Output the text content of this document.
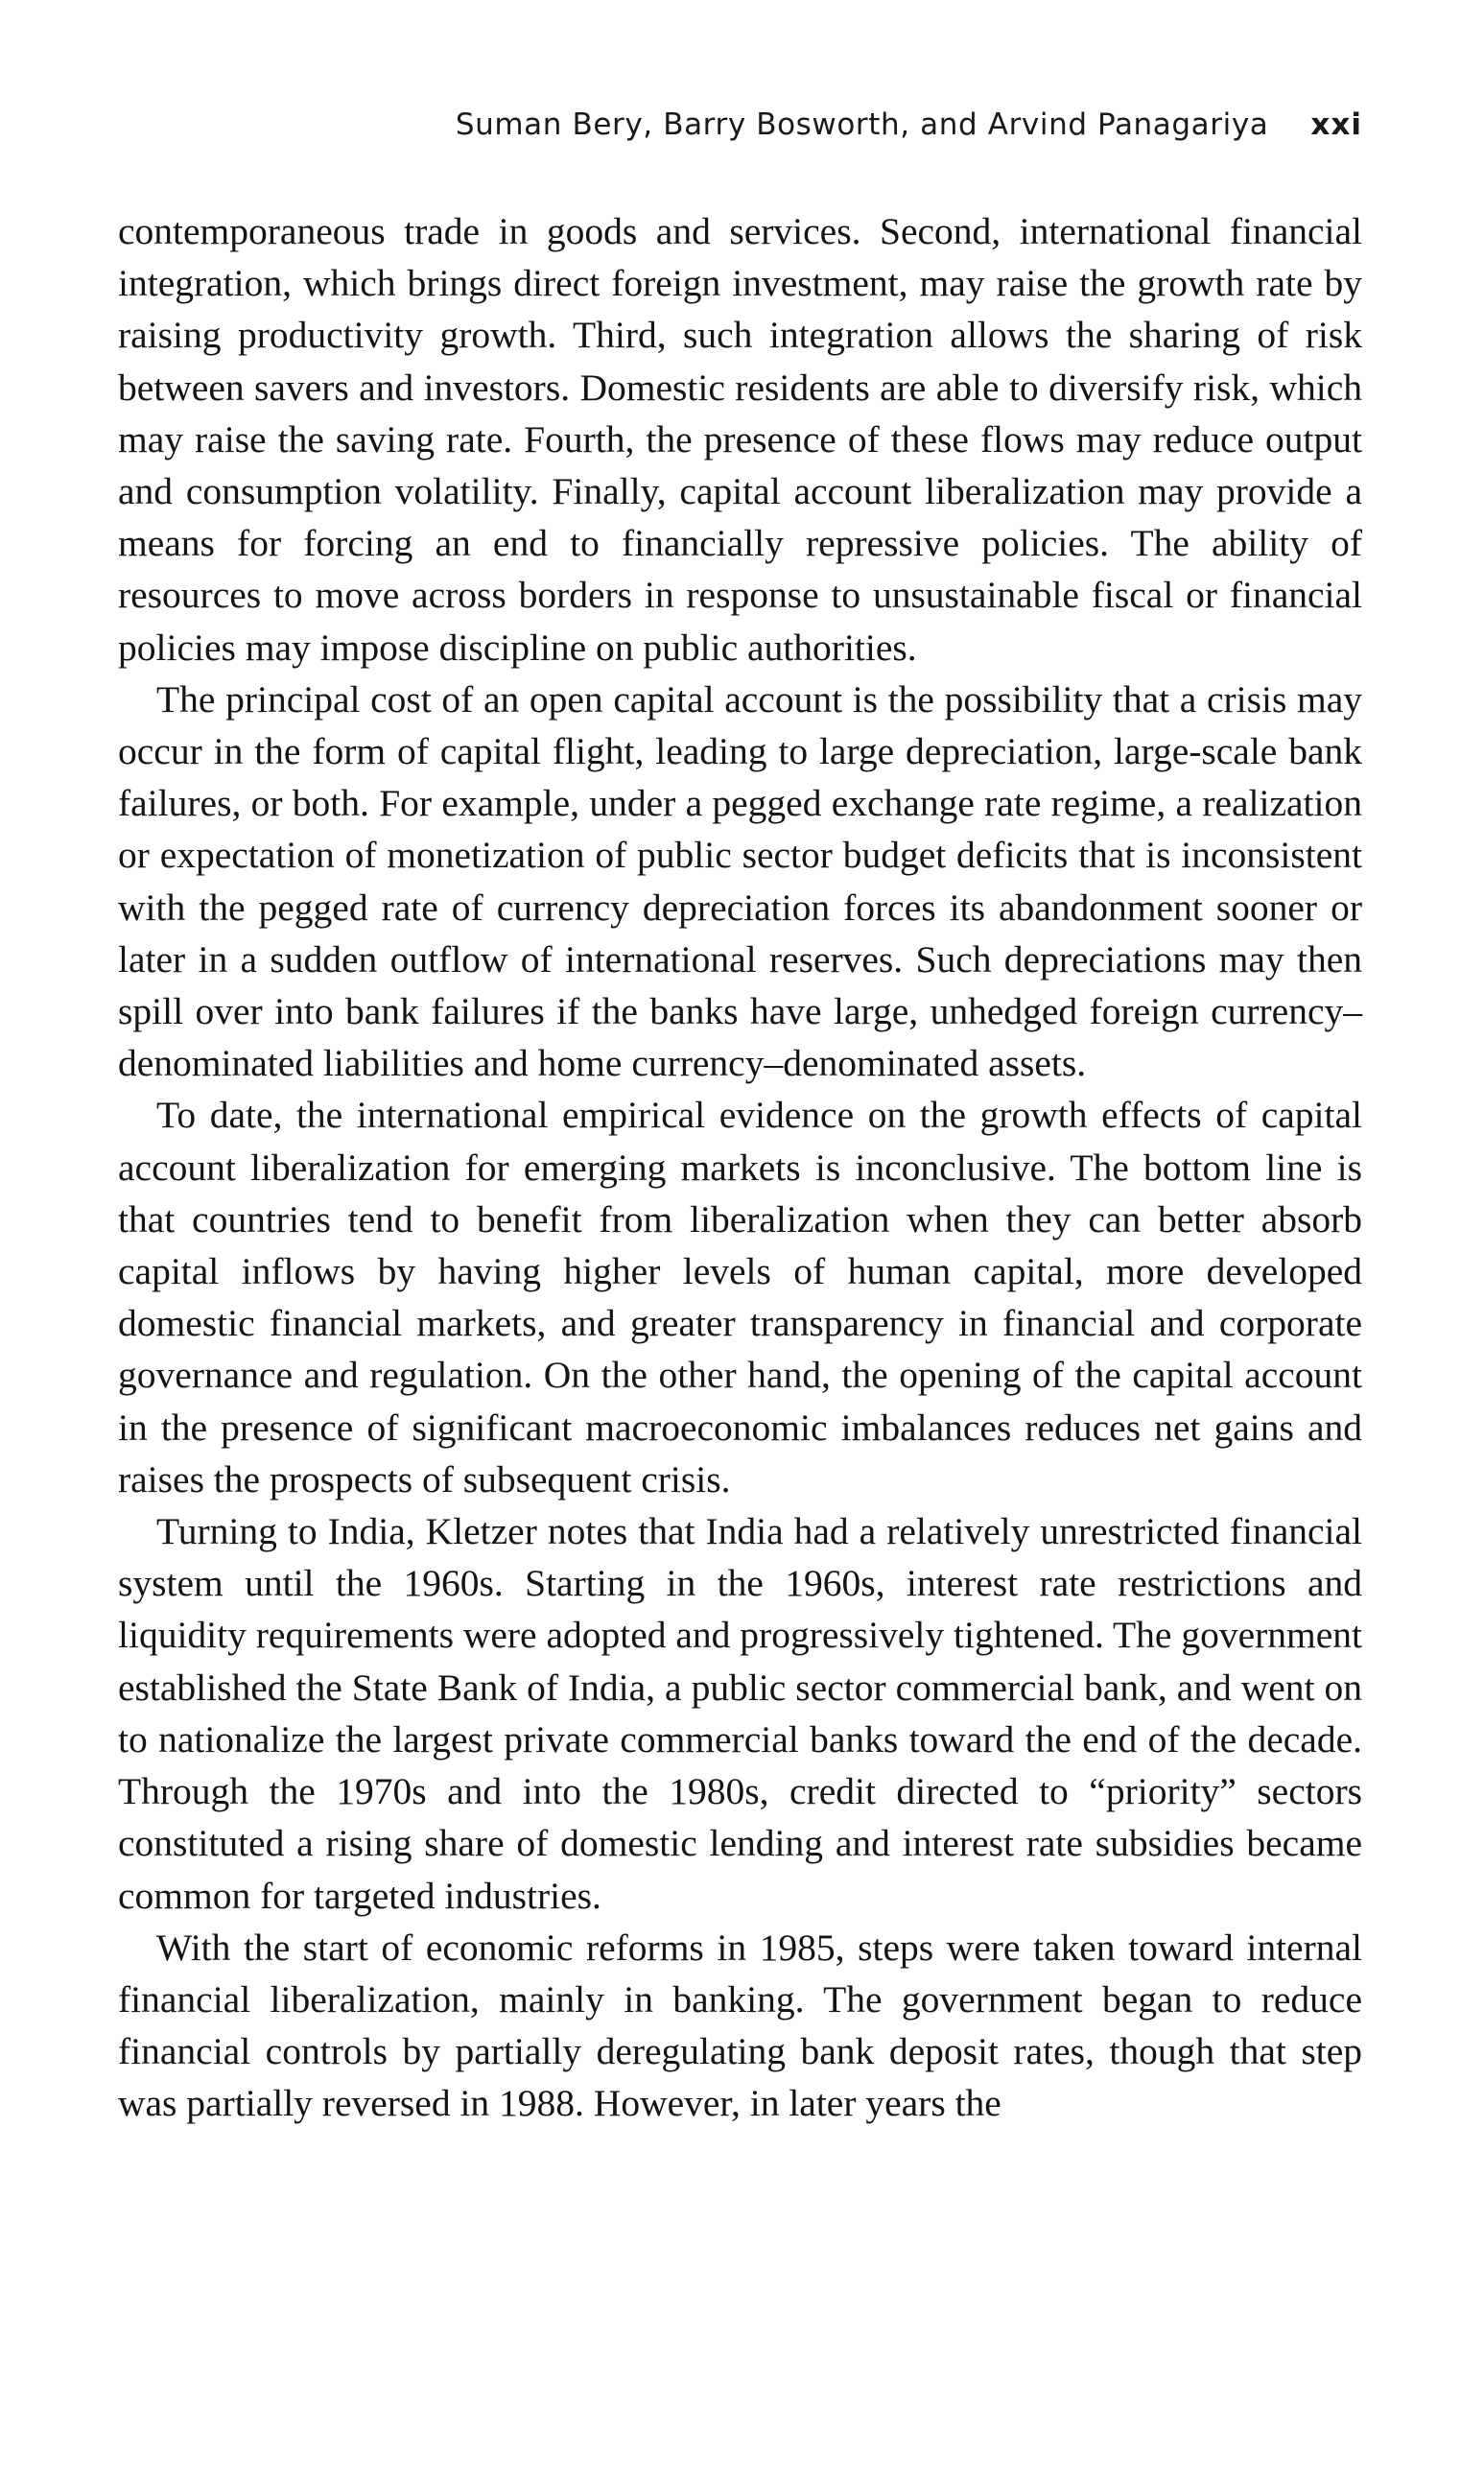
Suman Bery, Barry Bosworth, and Arvind Panagariya xxi

contemporaneous trade in goods and services. Second, international financial integration, which brings direct foreign investment, may raise the growth rate by raising productivity growth. Third, such integration allows the sharing of risk between savers and investors. Domestic residents are able to diversify risk, which may raise the saving rate. Fourth, the presence of these flows may reduce output and consumption volatility. Finally, capital account liberalization may provide a means for forcing an end to financially repressive policies. The ability of resources to move across borders in response to unsustainable fiscal or financial policies may impose discipline on public authorities.

The principal cost of an open capital account is the possibility that a crisis may occur in the form of capital flight, leading to large depreciation, large-scale bank failures, or both. For example, under a pegged exchange rate regime, a realization or expectation of monetization of public sector budget deficits that is inconsistent with the pegged rate of currency depreciation forces its abandonment sooner or later in a sudden outflow of international reserves. Such depreciations may then spill over into bank failures if the banks have large, unhedged foreign currency–denominated liabilities and home currency–denominated assets.

To date, the international empirical evidence on the growth effects of capital account liberalization for emerging markets is inconclusive. The bottom line is that countries tend to benefit from liberalization when they can better absorb capital inflows by having higher levels of human capital, more developed domestic financial markets, and greater transparency in financial and corporate governance and regulation. On the other hand, the opening of the capital account in the presence of significant macroeconomic imbalances reduces net gains and raises the prospects of subsequent crisis.

Turning to India, Kletzer notes that India had a relatively unrestricted financial system until the 1960s. Starting in the 1960s, interest rate restrictions and liquidity requirements were adopted and progressively tightened. The government established the State Bank of India, a public sector commercial bank, and went on to nationalize the largest private commercial banks toward the end of the decade. Through the 1970s and into the 1980s, credit directed to “priority” sectors constituted a rising share of domestic lending and interest rate subsidies became common for targeted industries.

With the start of economic reforms in 1985, steps were taken toward internal financial liberalization, mainly in banking. The government began to reduce financial controls by partially deregulating bank deposit rates, though that step was partially reversed in 1988. However, in later years the
